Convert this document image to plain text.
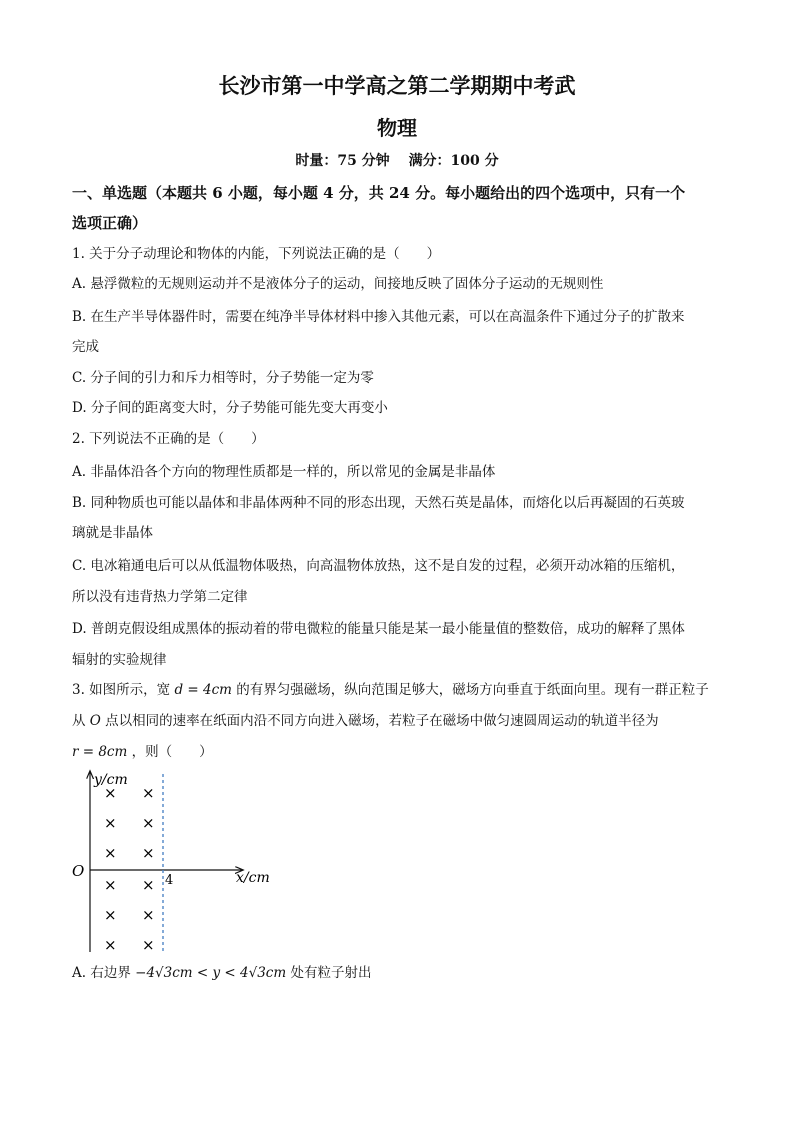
长沙市第一中学高之第二学期期中考武
物理
时量：75 分钟 满分：100 分
一、单选题（本题共 6 小题，每小题 4 分，共 24 分。每小题给出的四个选项中，只有一个
选项正确）
1. 关于分子动理论和物体的内能，下列说法正确的是（　　）
A. 悬浮微粒的无规则运动并不是液体分子的运动，间接地反映了固体分子运动的无规则性
B. 在生产半导体器件时，需要在纯净半导体材料中掺入其他元素，可以在高温条件下通过分子的扩散来
完成
C. 分子间的引力和斥力相等时，分子势能一定为零
D. 分子间的距离变大时，分子势能可能先变大再变小
2. 下列说法不正确的是（　　）
A. 非晶体沿各个方向的物理性质都是一样的，所以常见的金属是非晶体
B. 同种物质也可能以晶体和非晶体两种不同的形态出现，天然石英是晶体，而熔化以后再凝固的石英玻
璃就是非晶体
C. 电冰箱通电后可以从低温物体吸热，向高温物体放热，这不是自发的过程，必须开动冰箱的压缩机，
所以没有违背热力学第二定律
D. 普朗克假设组成黑体的振动着的带电微粒的能量只能是某一最小能量值的整数倍，成功的解释了黑体
辐射的实验规律
3. 如图所示，宽 d = 4cm 的有界匀强磁场，纵向范围足够大，磁场方向垂直于纸面向里。现有一群正粒子
从 O 点以相同的速率在纸面内沿不同方向进入磁场，若粒子在磁场中做匀速圆周运动的轨道半径为
r = 8cm ，则（　　）
y/cm
x/cm
O
4
× ×
× ×
× ×
× ×
× ×
× ×
A. 右边界 −4√3cm < y < 4√3cm 处有粒子射出
